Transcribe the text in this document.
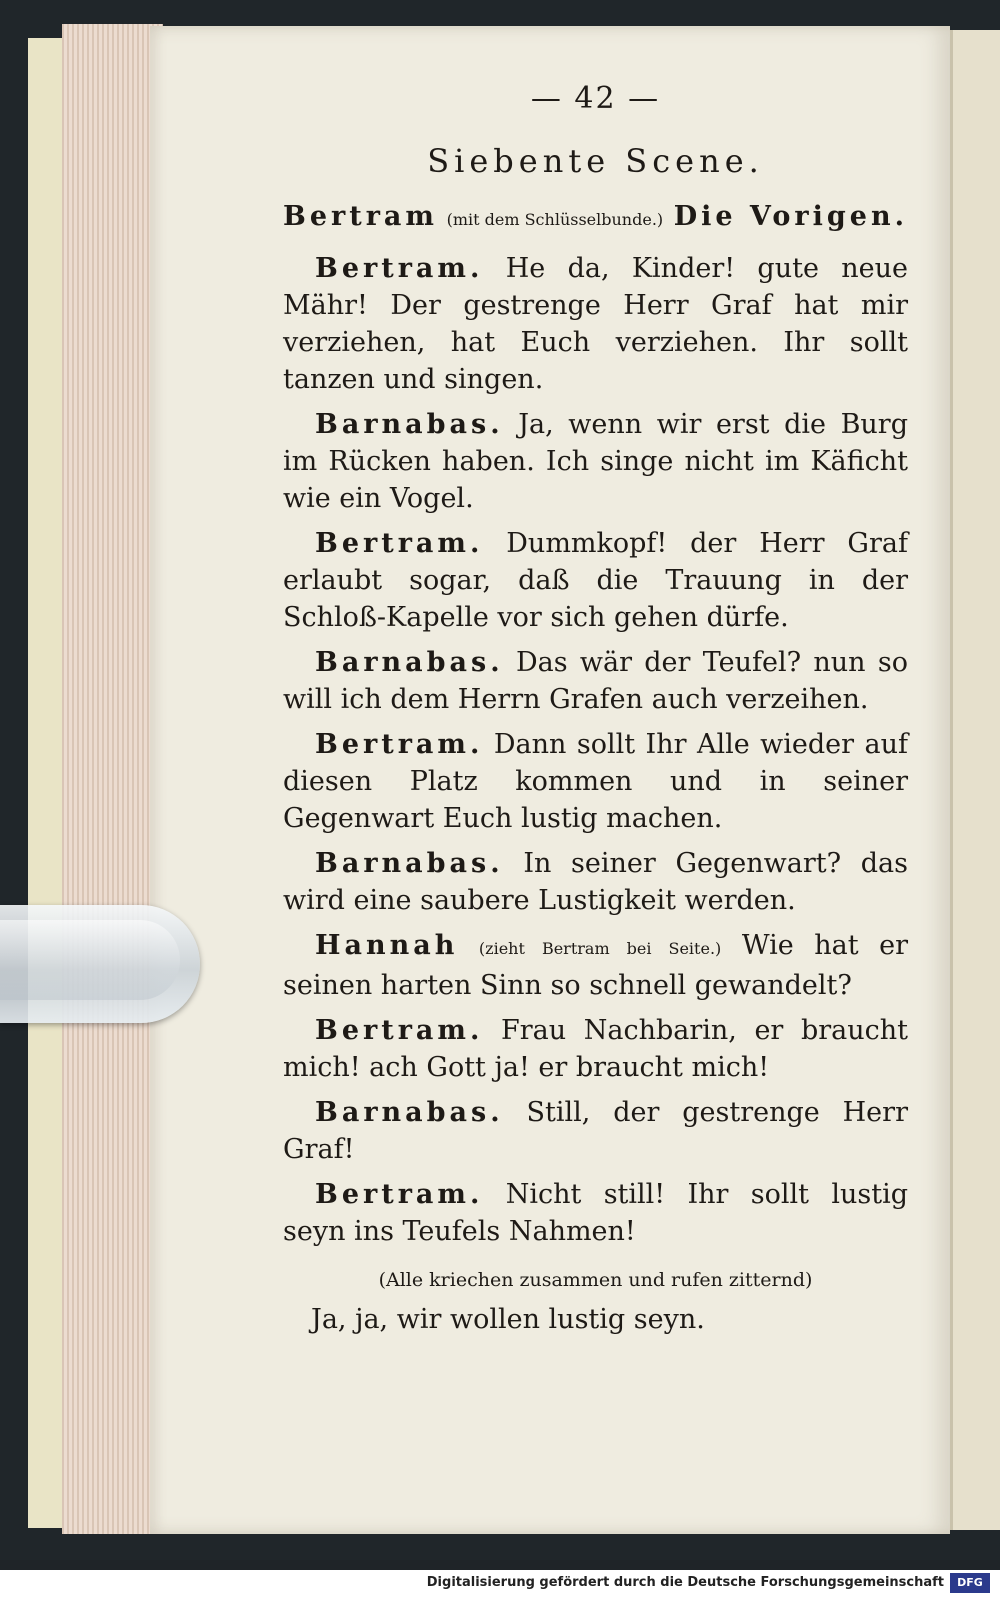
— 42 —
Siebente Scene.
Bertram (mit dem Schlüsselbunde.) Die Vorigen.

Bertram. He da, Kinder! gute neue Mähr! Der gestrenge Herr Graf hat mir verziehen, hat Euch verziehen. Ihr sollt tanzen und singen.

Barnabas. Ja, wenn wir erst die Burg im Rücken haben. Ich singe nicht im Käficht wie ein Vogel.

Bertram. Dummkopf! der Herr Graf erlaubt sogar, daß die Trauung in der Schloß-Kapelle vor sich gehen dürfe.

Barnabas. Das wär der Teufel? nun so will ich dem Herrn Grafen auch verzeihen.

Bertram. Dann sollt Ihr Alle wieder auf diesen Platz kommen und in seiner Gegenwart Euch lustig machen.

Barnabas. In seiner Gegenwart? das wird eine saubere Lustigkeit werden.

Hannah (zieht Bertram bei Seite.) Wie hat er seinen harten Sinn so schnell gewandelt?

Bertram. Frau Nachbarin, er braucht mich! ach Gott ja! er braucht mich!

Barnabas. Still, der gestrenge Herr Graf!

Bertram. Nicht still! Ihr sollt lustig seyn ins Teufels Nahmen!

(Alle kriechen zusammen und rufen zitternd)
Ja, ja, wir wollen lustig seyn.
Digitalisierung gefördert durch die Deutsche Forschungsgemeinschaft	DFG
